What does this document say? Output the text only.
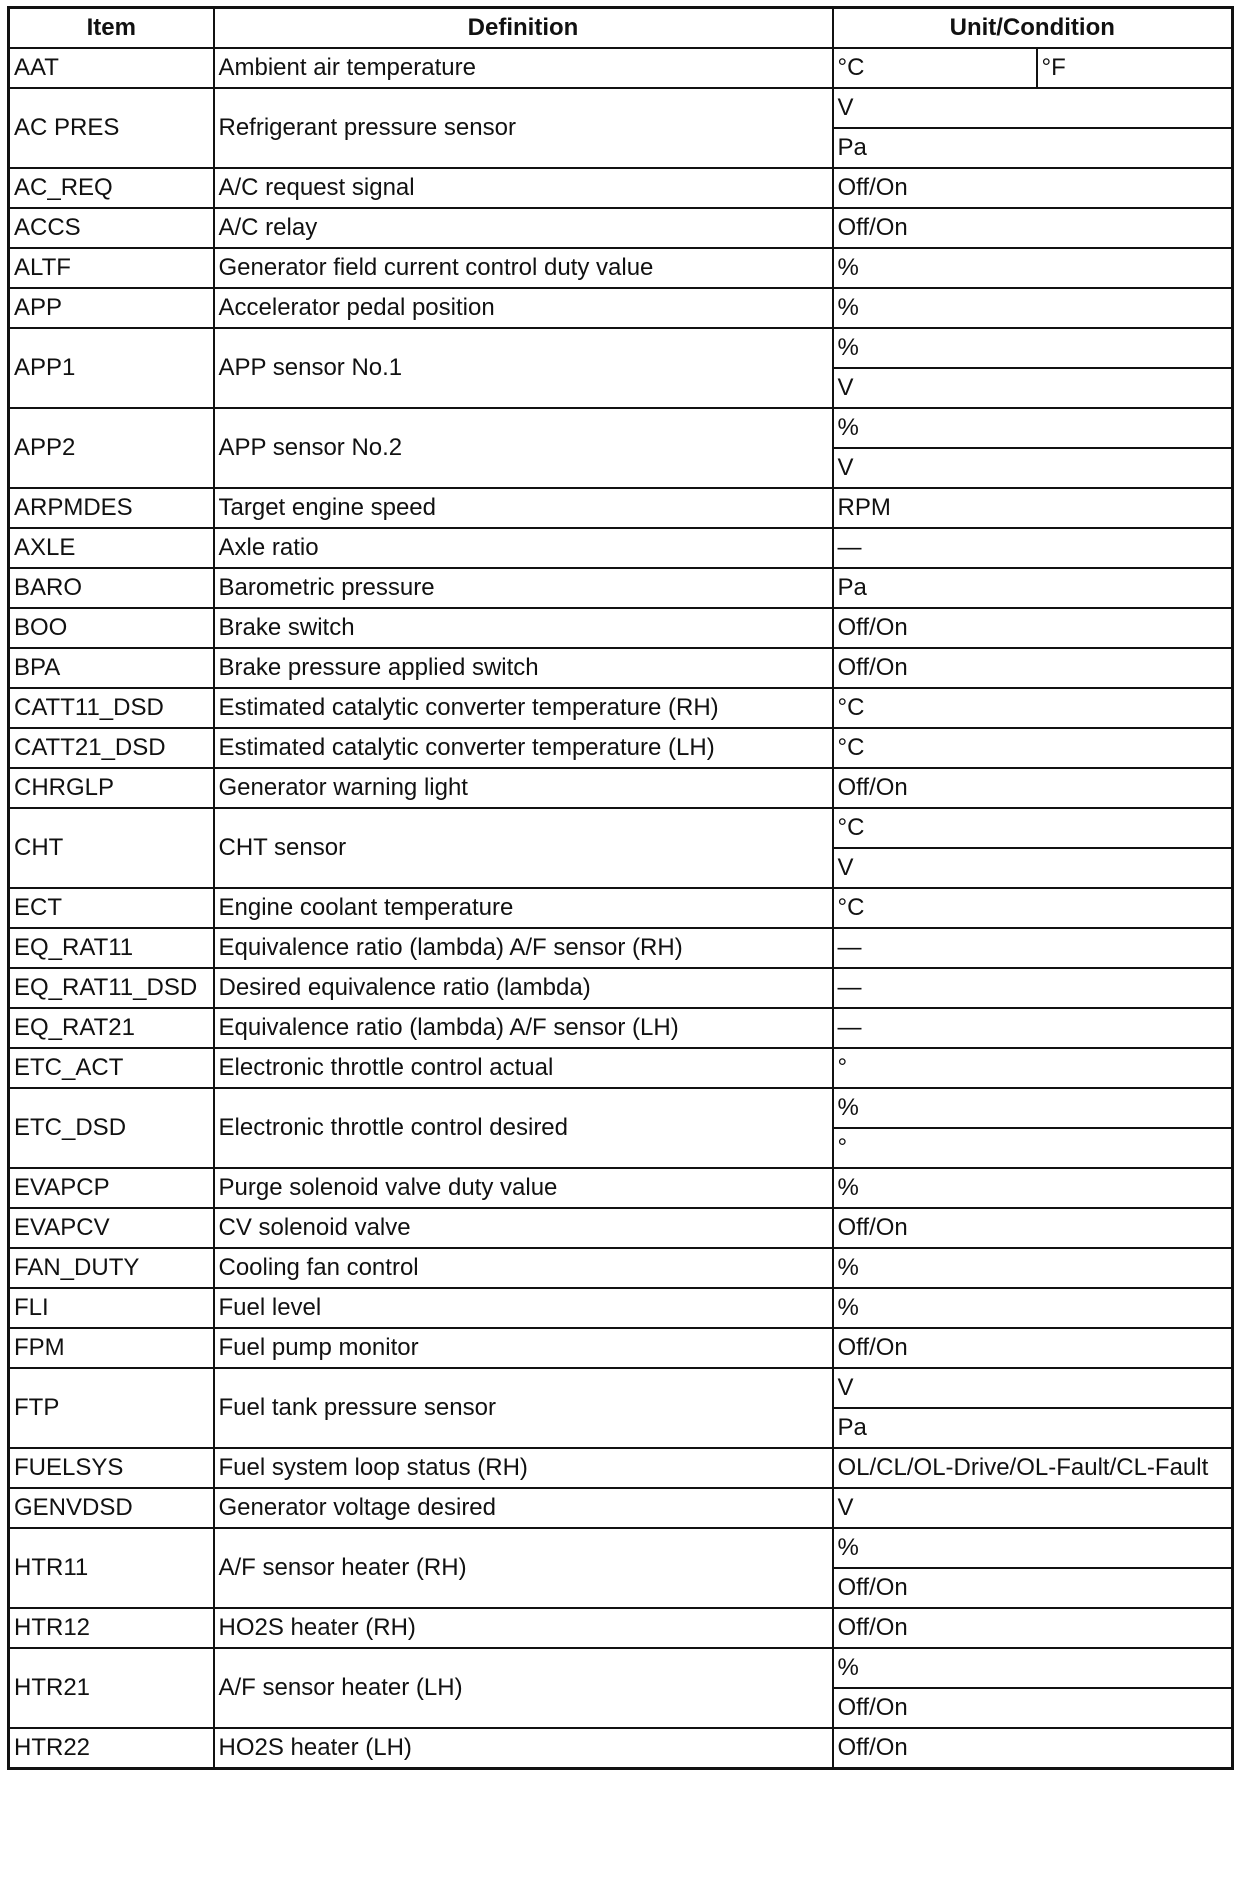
Item	Definition	Unit/Condition	
AAT	Ambient air temperature	°C	°F
AC PRES	Refrigerant pressure sensor	V	
		Pa	
AC_REQ	A/C request signal	Off/On	
ACCS	A/C relay	Off/On	
ALTF	Generator field current control duty value	%	
APP	Accelerator pedal position	%	
APP1	APP sensor No.1	%	
		V	
APP2	APP sensor No.2	%	
		V	
ARPMDES	Target engine speed	RPM	
AXLE	Axle ratio	—	
BARO	Barometric pressure	Pa	
BOO	Brake switch	Off/On	
BPA	Brake pressure applied switch	Off/On	
CATT11_DSD	Estimated catalytic converter temperature (RH)	°C	
CATT21_DSD	Estimated catalytic converter temperature (LH)	°C	
CHRGLP	Generator warning light	Off/On	
CHT	CHT sensor	°C	
		V	
ECT	Engine coolant temperature	°C	
EQ_RAT11	Equivalence ratio (lambda) A/F sensor (RH)	—	
EQ_RAT11_DSD	Desired equivalence ratio (lambda)	—	
EQ_RAT21	Equivalence ratio (lambda) A/F sensor (LH)	—	
ETC_ACT	Electronic throttle control actual	°	
ETC_DSD	Electronic throttle control desired	%	
		°	
EVAPCP	Purge solenoid valve duty value	%	
EVAPCV	CV solenoid valve	Off/On	
FAN_DUTY	Cooling fan control	%	
FLI	Fuel level	%	
FPM	Fuel pump monitor	Off/On	
FTP	Fuel tank pressure sensor	V	
		Pa	
FUELSYS	Fuel system loop status (RH)	OL/CL/OL-Drive/OL-Fault/CL-Fault	
GENVDSD	Generator voltage desired	V	
HTR11	A/F sensor heater (RH)	%	
		Off/On	
HTR12	HO2S heater (RH)	Off/On	
HTR21	A/F sensor heater (LH)	%	
		Off/On	
HTR22	HO2S heater (LH)	Off/On	
